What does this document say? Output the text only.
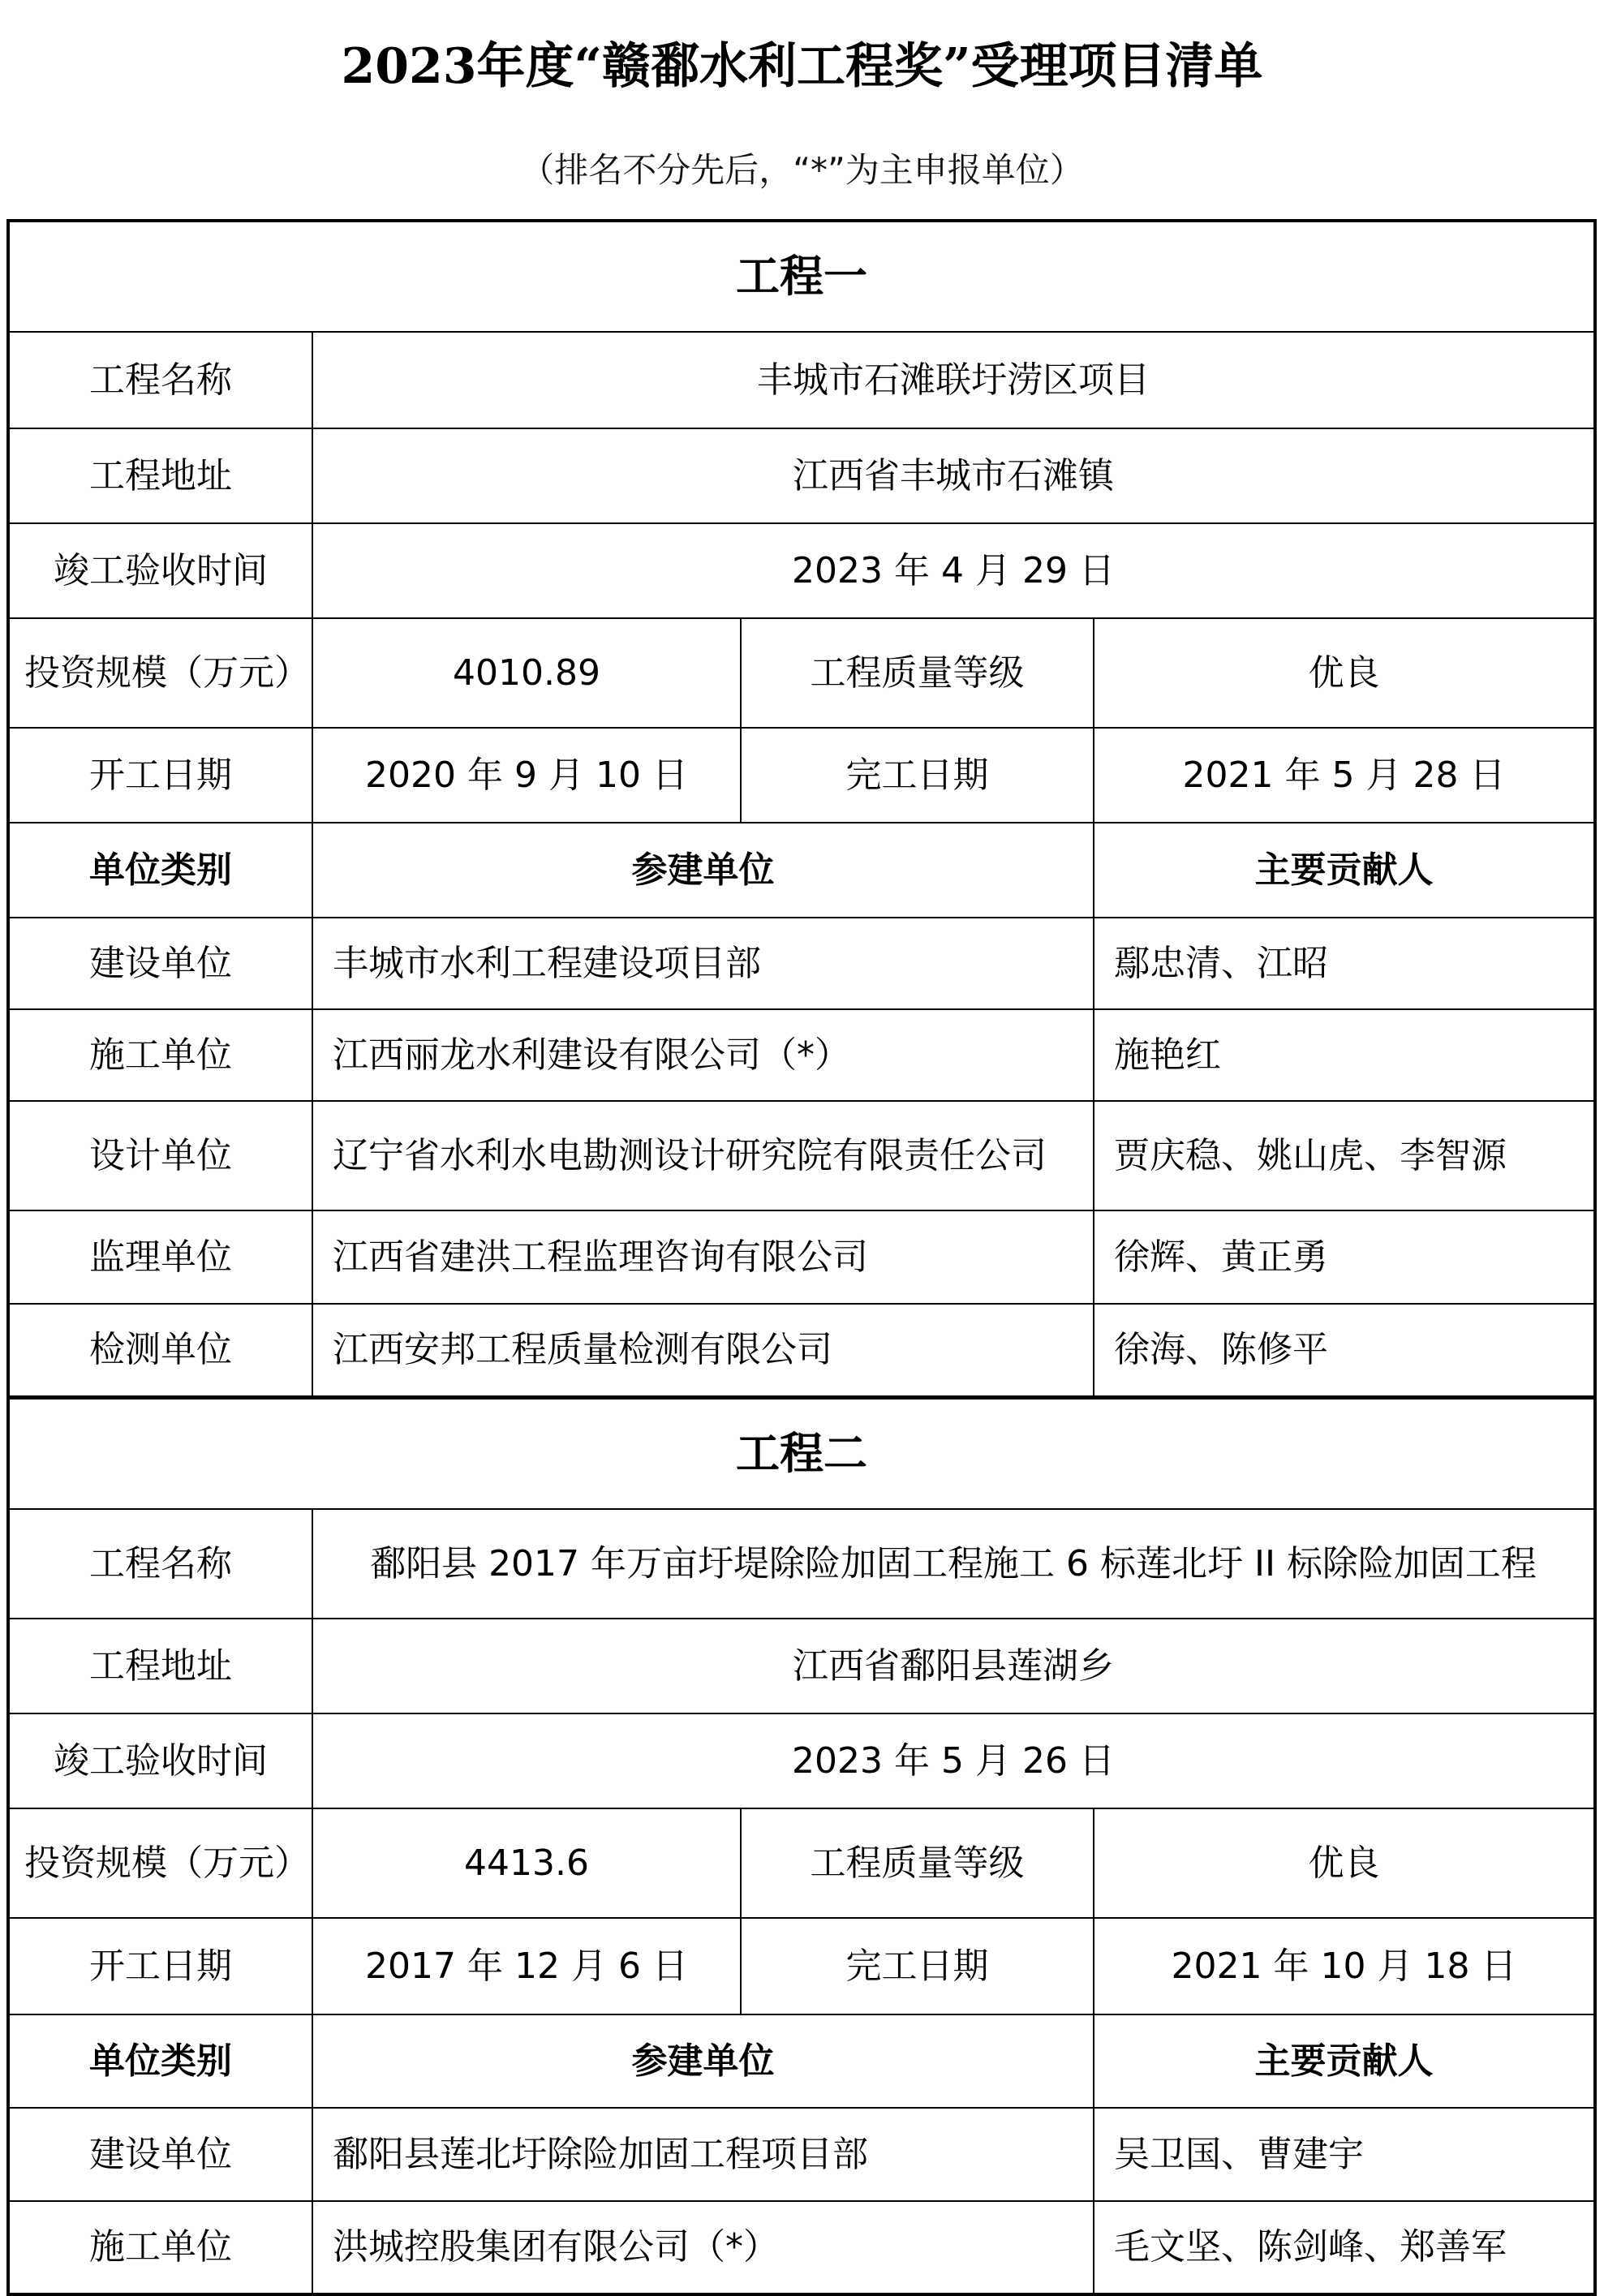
2023年度“赣鄱水利工程奖”受理项目清单
（排名不分先后，“*”为主申报单位）
工程一			
工程名称	丰城市石滩联圩涝区项目		
工程地址	江西省丰城市石滩镇		
竣工验收时间	2023 年 4 月 29 日		
投资规模（万元）	4010.89	工程质量等级	优良
开工日期	2020 年 9 月 10 日	完工日期	2021 年 5 月 28 日
单位类别	参建单位		主要贡献人
建设单位	丰城市水利工程建设项目部		鄢忠清、江昭
施工单位	江西丽龙水利建设有限公司（*）		施艳红
设计单位	辽宁省水利水电勘测设计研究院有限责任公司		贾庆稳、姚山虎、李智源
监理单位	江西省建洪工程监理咨询有限公司		徐辉、黄正勇
检测单位	江西安邦工程质量检测有限公司		徐海、陈修平
工程二			
工程名称	鄱阳县 2017 年万亩圩堤除险加固工程施工 6 标莲北圩 II 标除险加固工程		
工程地址	江西省鄱阳县莲湖乡		
竣工验收时间	2023 年 5 月 26 日		
投资规模（万元）	4413.6	工程质量等级	优良
开工日期	2017 年 12 月 6 日	完工日期	2021 年 10 月 18 日
单位类别	参建单位		主要贡献人
建设单位	鄱阳县莲北圩除险加固工程项目部		吴卫国、曹建宇
施工单位	洪城控股集团有限公司（*）		毛文坚、陈剑峰、郑善军
